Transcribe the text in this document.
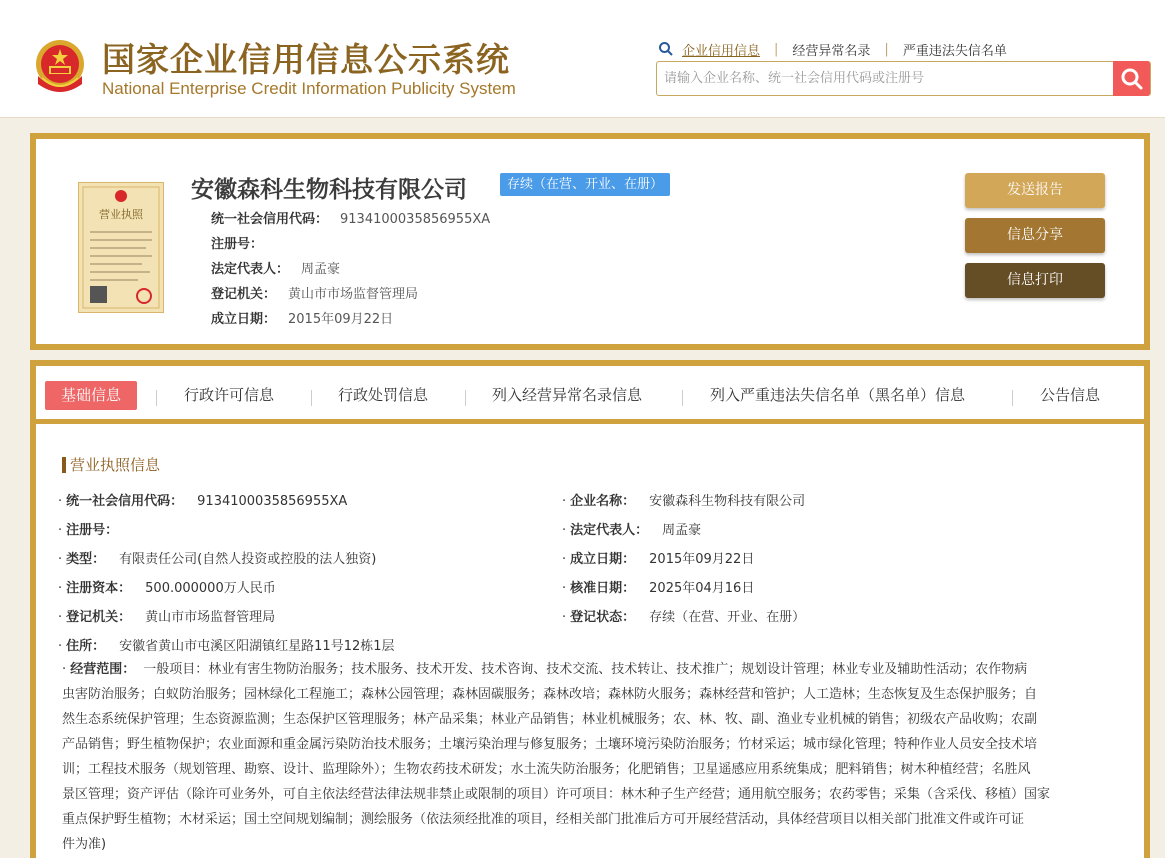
国家企业信用信息公示系统
National Enterprise Credit Information Publicity System
企业信用信息 | 经营异常名录 | 严重违法失信名单
请输入企业名称、统一社会信用代码或注册号
营业执照
安徽森科生物科技有限公司	存续（在营、开业、在册）
统一社会信用代码： 9134100035856955XA
注册号：
法定代表人： 周孟豪
登记机关： 黄山市市场监督管理局
成立日期： 2015年09月22日
发送报告
信息分享
信息打印
基础信息	行政许可信息	行政处罚信息	列入经营异常名录信息	列入严重违法失信名单（黑名单）信息	公告信息
营业执照信息
· 统一社会信用代码： 9134100035856955XA
· 注册号：
· 类型： 有限责任公司(自然人投资或控股的法人独资)
· 注册资本： 500.000000万人民币
· 登记机关： 黄山市市场监督管理局
· 住所： 安徽省黄山市屯溪区阳湖镇红星路11号12栋1层
· 企业名称： 安徽森科生物科技有限公司
· 法定代表人： 周孟豪
· 成立日期： 2015年09月22日
· 核准日期： 2025年04月16日
· 登记状态： 存续（在营、开业、在册）
· 经营范围： 一般项目：林业有害生物防治服务；技术服务、技术开发、技术咨询、技术交流、技术转让、技术推广；规划设计管理；林业专业及辅助性活动；农作物病
虫害防治服务；白蚁防治服务；园林绿化工程施工；森林公园管理；森林固碳服务；森林改培；森林防火服务；森林经营和管护；人工造林；生态恢复及生态保护服务；自
然生态系统保护管理；生态资源监测；生态保护区管理服务；林产品采集；林业产品销售；林业机械服务；农、林、牧、副、渔业专业机械的销售；初级农产品收购；农副
产品销售；野生植物保护；农业面源和重金属污染防治技术服务；土壤污染治理与修复服务；土壤环境污染防治服务；竹材采运；城市绿化管理；特种作业人员安全技术培
训；工程技术服务（规划管理、勘察、设计、监理除外）；生物农药技术研发；水土流失防治服务；化肥销售；卫星遥感应用系统集成；肥料销售；树木种植经营；名胜风
景区管理；资产评估（除许可业务外，可自主依法经营法律法规非禁止或限制的项目）许可项目：林木种子生产经营；通用航空服务；农药零售；采集（含采伐、移植）国家
重点保护野生植物；木材采运；国土空间规划编制；测绘服务（依法须经批准的项目，经相关部门批准后方可开展经营活动，具体经营项目以相关部门批准文件或许可证
件为准)
